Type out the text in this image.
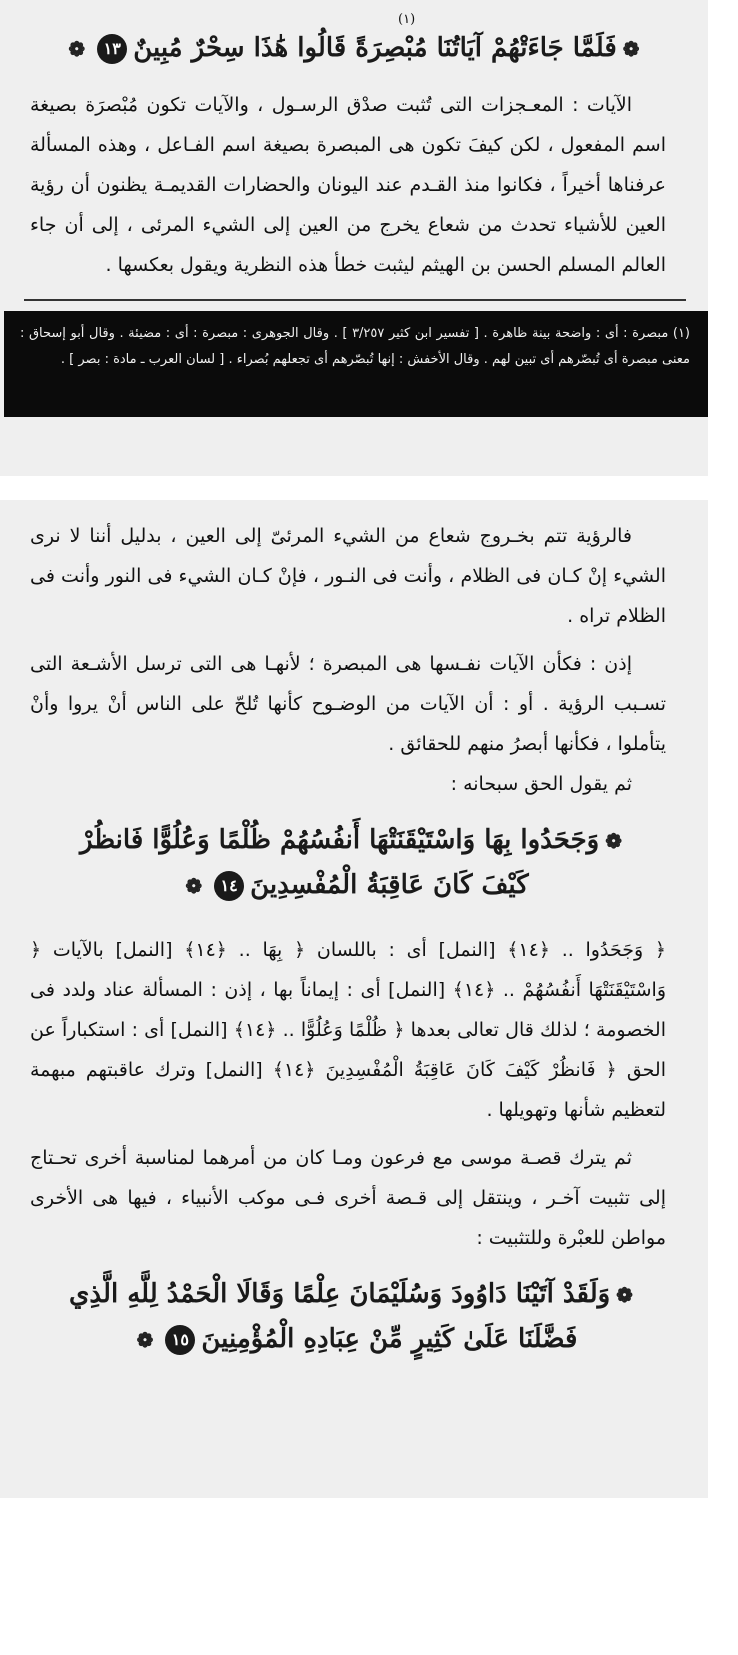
(١)
❁فَلَمَّا جَاءَتْهُمْ آيَاتُنَا مُبْصِرَةً قَالُوا هَٰذَا سِحْرٌ مُبِينٌ١٣❁

الآيات : المعـجزات التى تُثبت صدْق الرسـول ، والآيات تكون مُبْصرَة بصيغة اسم المفعول ، لكن كيفَ تكون هى المبصرة بصيغة اسم الفـاعل ، وهذه المسألة عرفناها أخيراً ، فكانوا منذ القـدم عند اليونان والحضارات القديمـة يظنون أن رؤية العين للأشياء تحدث من شعاع يخرج من العين إلى الشيء المرئى ، إلى أن جاء العالم المسلم الحسن بن الهيثم ليثبت خطأ هذه النظرية ويقول بعكسها .

(١) مبصرة : أى : واضحة بينة ظاهرة . [ تفسير ابن كثير ٣/٢٥٧ ] . وقال الجوهرى : مبصرة : أى : مضيئة . وقال أبو إسحاق : معنى مبصرة أى تُبصّرهم أى تبين لهم . وقال الأخفش : إنها تُبصّرهم أى تجعلهم بُصراء . [ لسان العرب ـ مادة : بصر ] .

فالرؤية تتم بخـروج شعاع من الشيء المرئىّ إلى العين ، بدليل أننا لا نرى الشيء إنْ كـان فى الظلام ، وأنت فى النـور ، فإنْ كـان الشيء فى النور وأنت فى الظلام تراه .

إذن : فكأن الآيات نفـسها هى المبصرة ؛ لأنهـا هى التى ترسل الأشـعة التى تسـبب الرؤية . أو : أن الآيات من الوضـوح كأنها تُلحّ على الناس أنْ يروا وأنْ يتأملوا ، فكأنها أبصرُ منهم للحقائق .

ثم يقول الحق سبحانه :

❁وَجَحَدُوا بِهَا وَاسْتَيْقَنَتْهَا أَنفُسُهُمْ ظُلْمًا وَعُلُوًّا فَانظُرْ
كَيْفَ كَانَ عَاقِبَةُ الْمُفْسِدِينَ١٤❁

﴿ وَجَحَدُوا .. ﴿١٤﴾ [النمل] أى : باللسان ﴿ بِهَا .. ﴿١٤﴾ [النمل] بالآيات ﴿ وَاسْتَيْقَنَتْهَا أَنفُسُهُمْ .. ﴿١٤﴾ [النمل] أى : إيماناً بها ، إذن : المسألة عناد ولدد فى الخصومة ؛ لذلك قال تعالى بعدها ﴿ ظُلْمًا وَعُلُوًّا .. ﴿١٤﴾ [النمل] أى : استكباراً عن الحق ﴿ فَانظُرْ كَيْفَ كَانَ عَاقِبَةُ الْمُفْسِدِينَ ﴿١٤﴾ [النمل] وترك عاقبتهم مبهمة لتعظيم شأنها وتهويلها .

ثم يترك قصـة موسى مع فرعون ومـا كان من أمرهما لمناسبة أخرى تحـتاج إلى تثبيت آخـر ، وينتقل إلى قـصة أخرى فـى موكب الأنبياء ، فيها هى الأخرى مواطن للعبْرة وللتثبيت :

❁وَلَقَدْ آتَيْنَا دَاوُودَ وَسُلَيْمَانَ عِلْمًا وَقَالَا الْحَمْدُ لِلَّهِ الَّذِي
فَضَّلَنَا عَلَىٰ كَثِيرٍ مِّنْ عِبَادِهِ الْمُؤْمِنِينَ١٥❁
